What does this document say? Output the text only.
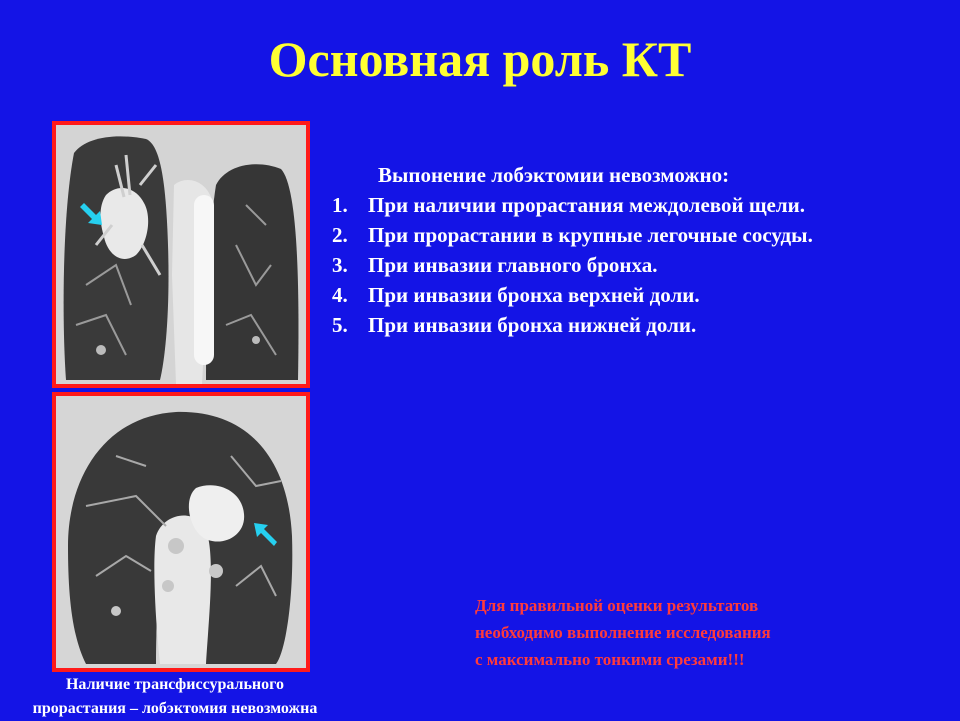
Основная роль КТ
Выпонение лобэктомии невозможно:
1. При наличии прорастания междолевой щели.
2. При прорастании в крупные легочные сосуды.
3. При инвазии главного бронха.
4. При инвазии бронха верхней доли.
5. При инвазии бронха нижней доли.
Для правильной оценки результатов
необходимо выполнение исследования
с максимально тонкими срезами!!!
Наличие трансфиссурального
прорастания – лобэктомия невозможна
